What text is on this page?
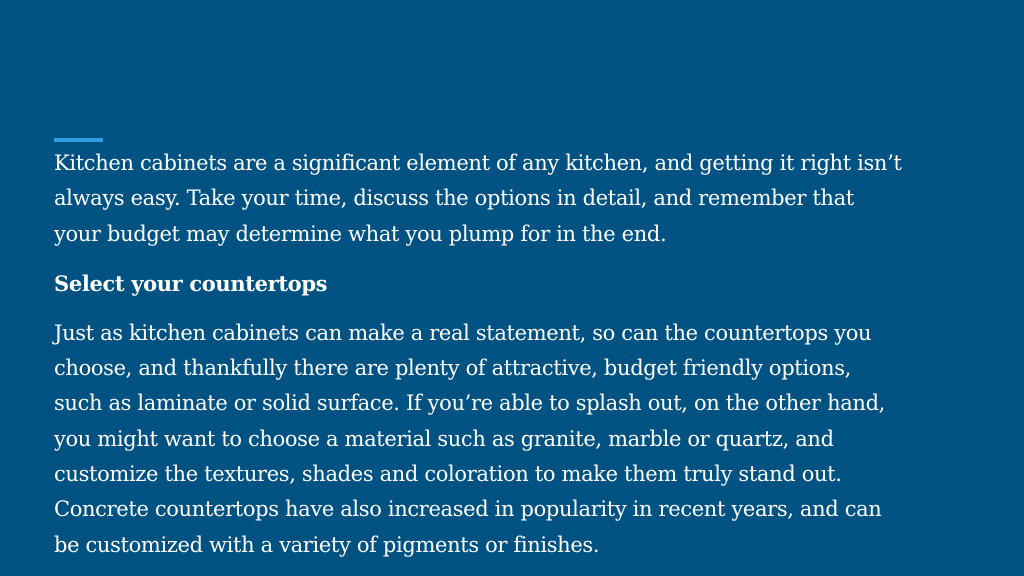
Kitchen cabinets are a significant element of any kitchen, and getting it right isn’t
always easy. Take your time, discuss the options in detail, and remember that
your budget may determine what you plump for in the end.

Select your countertops

Just as kitchen cabinets can make a real statement, so can the countertops you
choose, and thankfully there are plenty of attractive, budget friendly options,
such as laminate or solid surface. If you’re able to splash out, on the other hand,
you might want to choose a material such as granite, marble or quartz, and
customize the textures, shades and coloration to make them truly stand out.
Concrete countertops have also increased in popularity in recent years, and can
be customized with a variety of pigments or finishes.
